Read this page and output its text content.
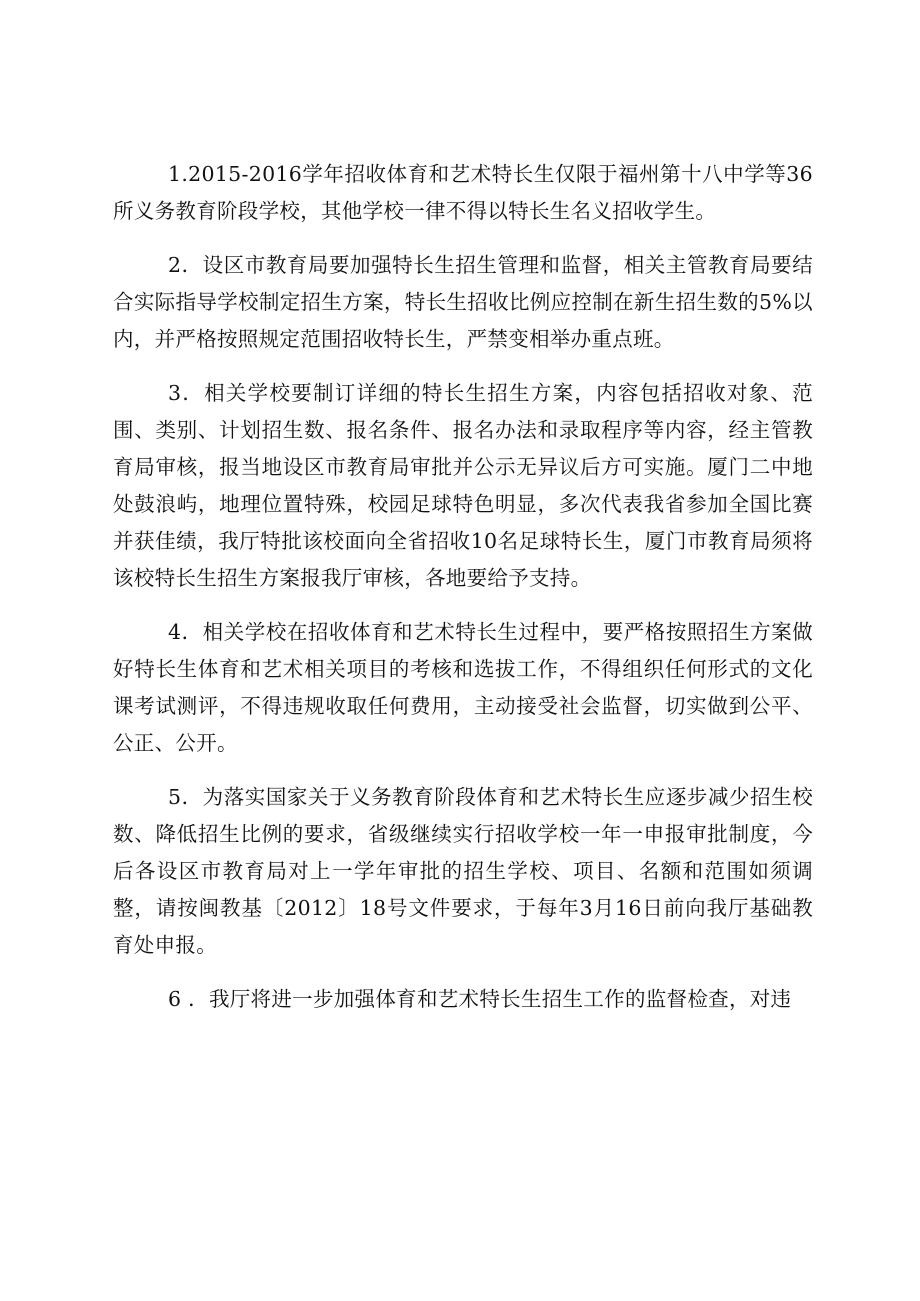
1.2015-2016学年招收体育和艺术特长生仅限于福州第十八中学等36所义务教育阶段学校，其他学校一律不得以特长生名义招收学生。

2．设区市教育局要加强特长生招生管理和监督，相关主管教育局要结合实际指导学校制定招生方案，特长生招收比例应控制在新生招生数的5%以内，并严格按照规定范围招收特长生，严禁变相举办重点班。

3．相关学校要制订详细的特长生招生方案，内容包括招收对象、范围、类别、计划招生数、报名条件、报名办法和录取程序等内容，经主管教育局审核，报当地设区市教育局审批并公示无异议后方可实施。厦门二中地处鼓浪屿，地理位置特殊，校园足球特色明显，多次代表我省参加全国比赛并获佳绩，我厅特批该校面向全省招收10名足球特长生，厦门市教育局须将该校特长生招生方案报我厅审核，各地要给予支持。

4．相关学校在招收体育和艺术特长生过程中，要严格按照招生方案做好特长生体育和艺术相关项目的考核和选拔工作，不得组织任何形式的文化课考试测评，不得违规收取任何费用，主动接受社会监督，切实做到公平、公正、公开。

5．为落实国家关于义务教育阶段体育和艺术特长生应逐步减少招生校数、降低招生比例的要求，省级继续实行招收学校一年一申报审批制度，今后各设区市教育局对上一学年审批的招生学校、项目、名额和范围如须调整，请按闽教基〔2012〕18号文件要求，于每年3月16日前向我厅基础教育处申报。

6 ．我厅将进一步加强体育和艺术特长生招生工作的监督检查，对违
